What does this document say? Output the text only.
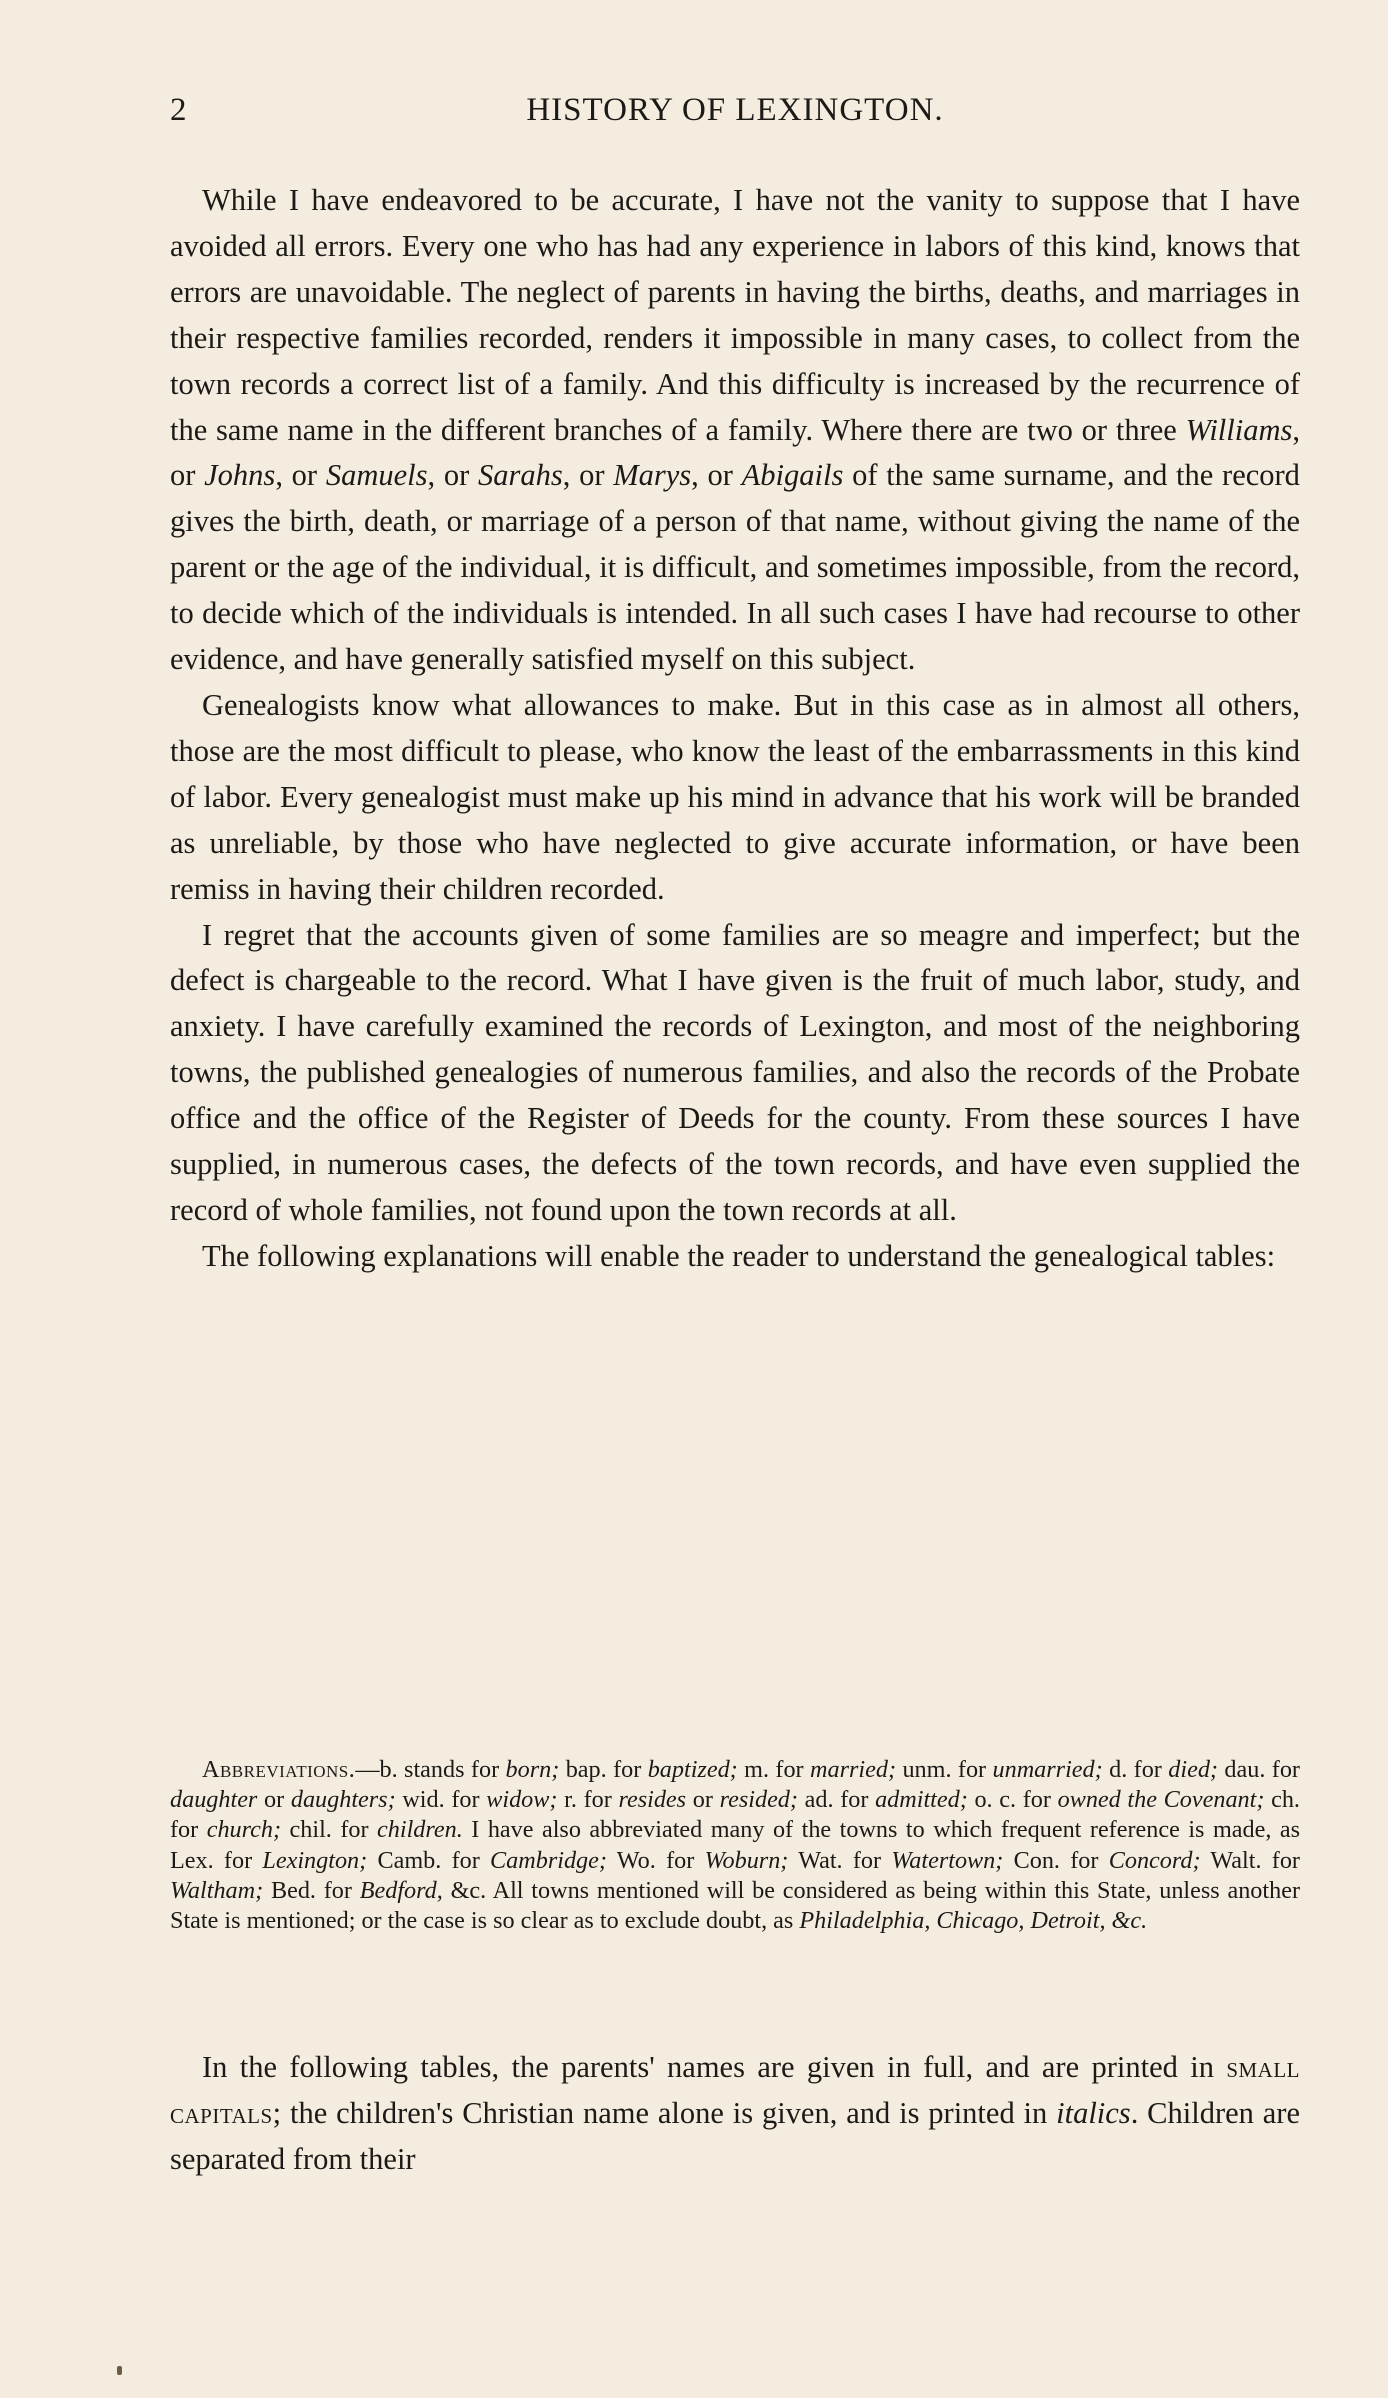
2	HISTORY OF LEXINGTON.

While I have endeavored to be accurate, I have not the vanity to suppose that I have avoided all errors. Every one who has had any experience in labors of this kind, knows that errors are unavoidable. The neglect of parents in having the births, deaths, and marriages in their respective families recorded, renders it impossible in many cases, to collect from the town records a correct list of a family. And this difficulty is increased by the recurrence of the same name in the different branches of a family. Where there are two or three Williams, or Johns, or Samuels, or Sarahs, or Marys, or Abigails of the same surname, and the record gives the birth, death, or marriage of a person of that name, without giving the name of the parent or the age of the individual, it is difficult, and sometimes impossible, from the record, to decide which of the individuals is intended. In all such cases I have had recourse to other evidence, and have generally satisfied myself on this subject.

Genealogists know what allowances to make. But in this case as in almost all others, those are the most difficult to please, who know the least of the embarrassments in this kind of labor. Every genealogist must make up his mind in advance that his work will be branded as unreliable, by those who have neglected to give accurate information, or have been remiss in having their children recorded.

I regret that the accounts given of some families are so meagre and imperfect; but the defect is chargeable to the record. What I have given is the fruit of much labor, study, and anxiety. I have carefully examined the records of Lexington, and most of the neighboring towns, the published genealogies of numerous families, and also the records of the Probate office and the office of the Register of Deeds for the county. From these sources I have supplied, in numerous cases, the defects of the town records, and have even supplied the record of whole families, not found upon the town records at all.

The following explanations will enable the reader to understand the genealogical tables:

Abbreviations.—b. stands for born; bap. for baptized; m. for married; unm. for unmarried; d. for died; dau. for daughter or daughters; wid. for widow; r. for resides or resided; ad. for admitted; o. c. for owned the Covenant; ch. for church; chil. for children. I have also abbreviated many of the towns to which frequent reference is made, as Lex. for Lexington; Camb. for Cambridge; Wo. for Woburn; Wat. for Watertown; Con. for Concord; Walt. for Waltham; Bed. for Bedford, &c. All towns mentioned will be considered as being within this State, unless another State is mentioned; or the case is so clear as to exclude doubt, as Philadelphia, Chicago, Detroit, &c.

In the following tables, the parents' names are given in full, and are printed in small capitals; the children's Christian name alone is given, and is printed in italics. Children are separated from their
